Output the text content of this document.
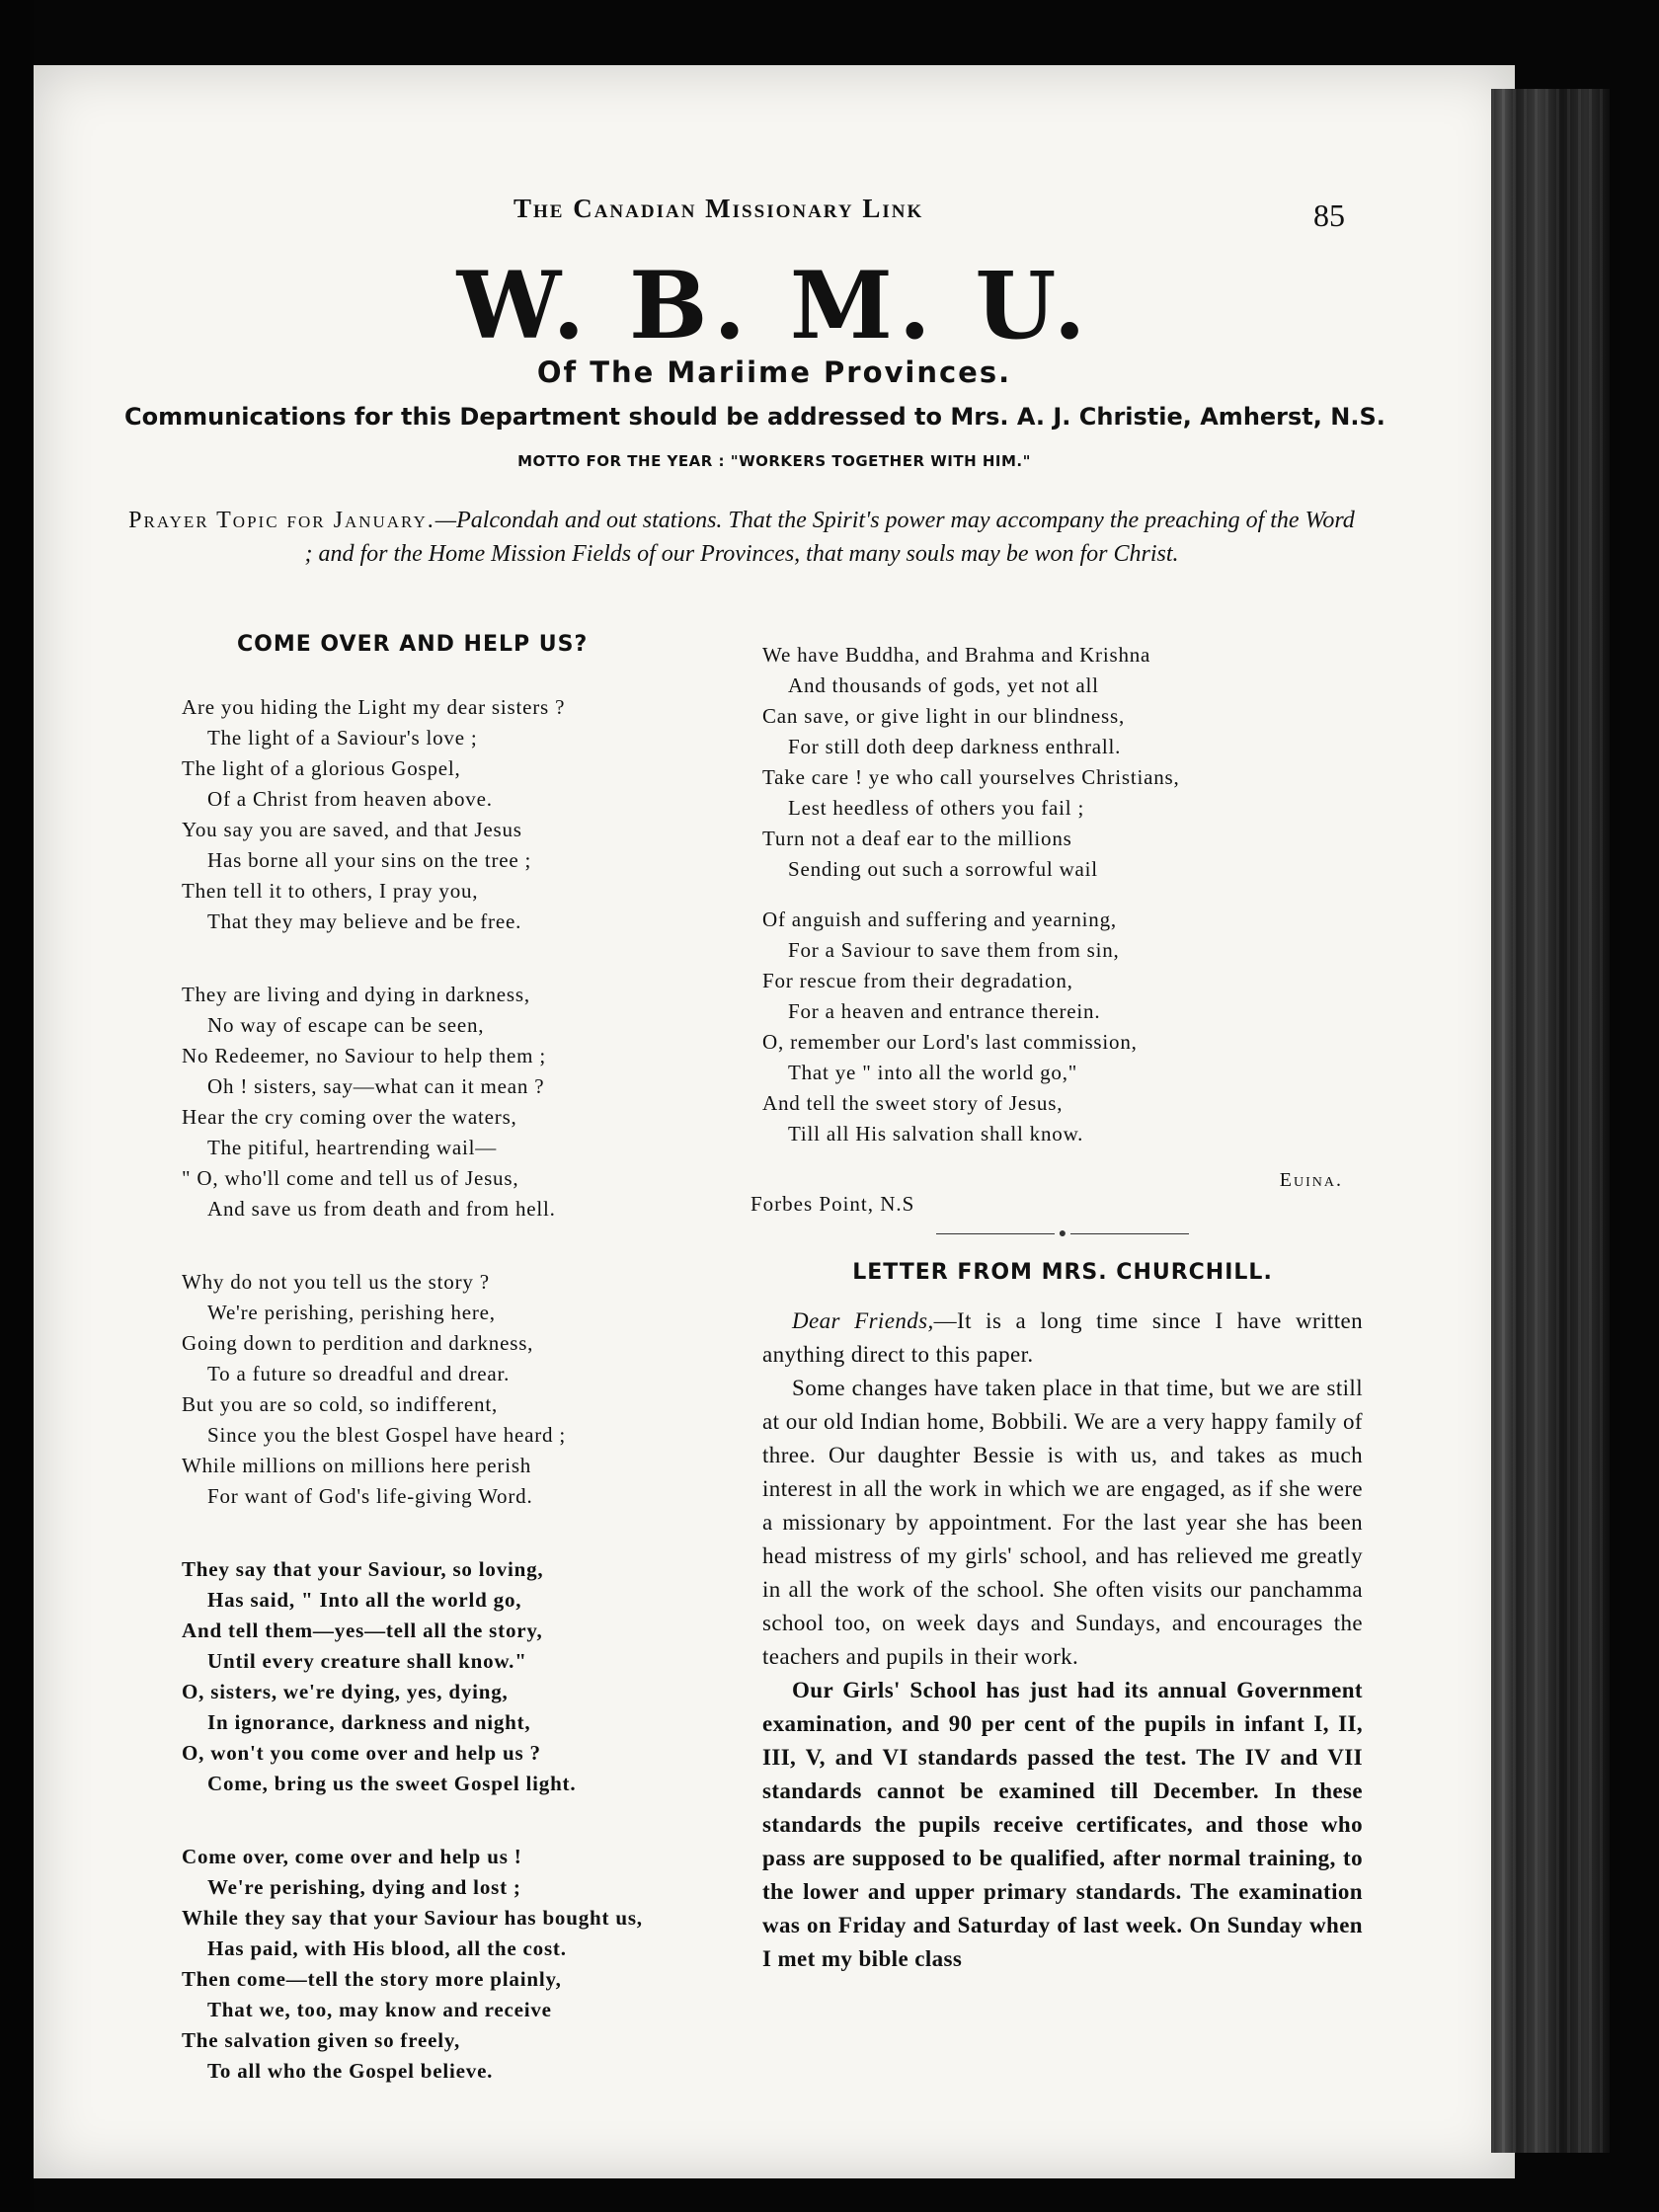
The Canadian Missionary Link	85
W. B. M. U.
Of The Mariime Provinces.
Communications for this Department should be addressed to Mrs. A. J. Christie, Amherst, N.S.
MOTTO FOR THE YEAR : "WORKERS TOGETHER WITH HIM."
Prayer Topic for January.—Palcondah and out stations. That the Spirit's power may accompany the preaching of the Word ; and for the Home Mission Fields of our Provinces, that many souls may be won for Christ.
COME OVER AND HELP US?
Are you hiding the Light my dear sisters ?
The light of a Saviour's love ;
The light of a glorious Gospel,
Of a Christ from heaven above.
You say you are saved, and that Jesus
Has borne all your sins on the tree ;
Then tell it to others, I pray you,
That they may believe and be free.
They are living and dying in darkness,
No way of escape can be seen,
No Redeemer, no Saviour to help them ;
Oh ! sisters, say—what can it mean ?
Hear the cry coming over the waters,
The pitiful, heartrending wail—
" O, who'll come and tell us of Jesus,
And save us from death and from hell.
Why do not you tell us the story ?
We're perishing, perishing here,
Going down to perdition and darkness,
To a future so dreadful and drear.
But you are so cold, so indifferent,
Since you the blest Gospel have heard ;
While millions on millions here perish
For want of God's life-giving Word.
They say that your Saviour, so loving,
Has said, " Into all the world go,
And tell them—yes—tell all the story,
Until every creature shall know."
O, sisters, we're dying, yes, dying,
In ignorance, darkness and night,
O, won't you come over and help us ?
Come, bring us the sweet Gospel light.
Come over, come over and help us !
We're perishing, dying and lost ;
While they say that your Saviour has bought us,
Has paid, with His blood, all the cost.
Then come—tell the story more plainly,
That we, too, may know and receive
The salvation given so freely,
To all who the Gospel believe.
We have Buddha, and Brahma and Krishna
And thousands of gods, yet not all
Can save, or give light in our blindness,
For still doth deep darkness enthrall.
Take care ! ye who call yourselves Christians,
Lest heedless of others you fail ;
Turn not a deaf ear to the millions
Sending out such a sorrowful wail
Of anguish and suffering and yearning,
For a Saviour to save them from sin,
For rescue from their degradation,
For a heaven and entrance therein.
O, remember our Lord's last commission,
That ye " into all the world go,"
And tell the sweet story of Jesus,
Till all His salvation shall know.
Euina.
Forbes Point, N.S
●
LETTER FROM MRS. CHURCHILL.

Dear Friends,—It is a long time since I have written anything direct to this paper.

Some changes have taken place in that time, but we are still at our old Indian home, Bobbili. We are a very happy family of three. Our daughter Bessie is with us, and takes as much interest in all the work in which we are engaged, as if she were a missionary by appointment. For the last year she has been head mistress of my girls' school, and has relieved me greatly in all the work of the school. She often visits our panchamma school too, on week days and Sundays, and encourages the teachers and pupils in their work.

Our Girls' School has just had its annual Government examination, and 90 per cent of the pupils in infant I, II, III, V, and VI standards passed the test. The IV and VII standards cannot be examined till December. In these standards the pupils receive certificates, and those who pass are supposed to be qualified, after normal training, to the lower and upper primary standards. The examination was on Friday and Saturday of last week. On Sunday when I met my bible class
